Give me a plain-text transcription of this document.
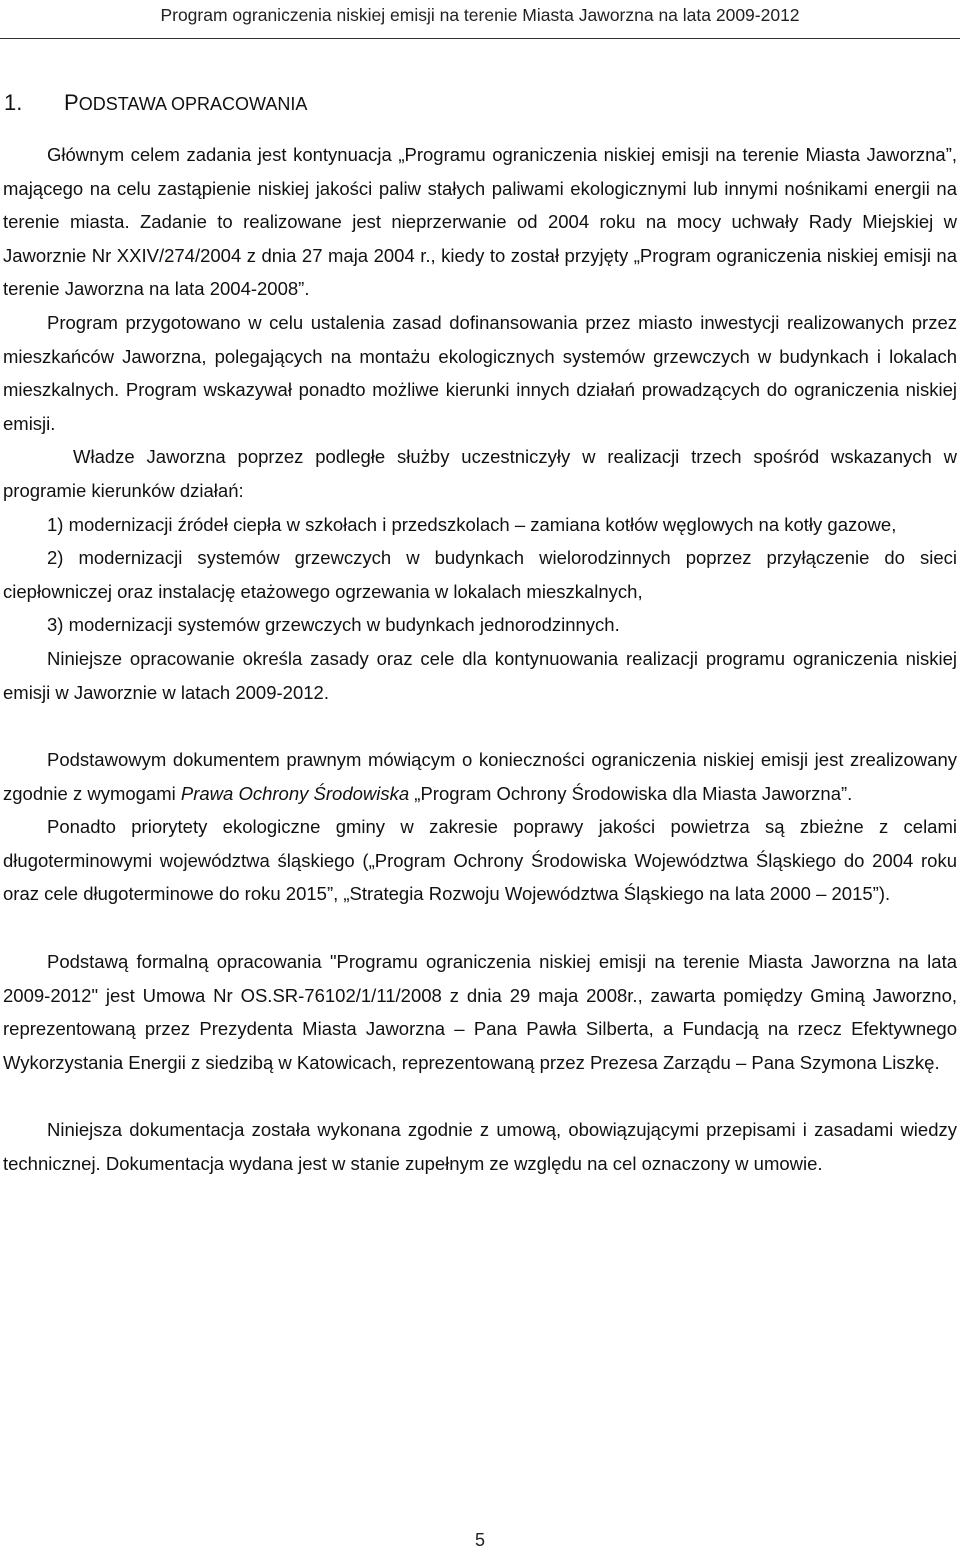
Program ograniczenia niskiej emisji na terenie Miasta Jaworzna na lata 2009-2012
1. PODSTAWA OPRACOWANIA

Głównym celem zadania jest kontynuacja „Programu ograniczenia niskiej emisji na terenie Miasta Jaworzna”, mającego na celu zastąpienie niskiej jakości paliw stałych paliwami ekologicznymi lub innymi nośnikami energii na terenie miasta. Zadanie to realizowane jest nieprzerwanie od 2004 roku na mocy uchwały Rady Miejskiej w Jaworznie Nr XXIV/274/2004 z dnia 27 maja 2004 r., kiedy to został przyjęty „Program ograniczenia niskiej emisji na terenie Jaworzna na lata 2004-2008”.

Program przygotowano w celu ustalenia zasad dofinansowania przez miasto inwestycji realizowanych przez mieszkańców Jaworzna, polegających na montażu ekologicznych systemów grzewczych w budynkach i lokalach mieszkalnych. Program wskazywał ponadto możliwe kierunki innych działań prowadzących do ograniczenia niskiej emisji.

Władze Jaworzna poprzez podległe służby uczestniczyły w realizacji trzech spośród wskazanych w programie kierunków działań:

1) modernizacji źródeł ciepła w szkołach i przedszkolach – zamiana kotłów węglowych na kotły gazowe,

2) modernizacji systemów grzewczych w budynkach wielorodzinnych poprzez przyłączenie do sieci ciepłowniczej oraz instalację etażowego ogrzewania w lokalach mieszkalnych,

3) modernizacji systemów grzewczych w budynkach jednorodzinnych.

Niniejsze opracowanie określa zasady oraz cele dla kontynuowania realizacji programu ograniczenia niskiej emisji w Jaworznie w latach 2009-2012.

Podstawowym dokumentem prawnym mówiącym o konieczności ograniczenia niskiej emisji jest zrealizowany zgodnie z wymogami Prawa Ochrony Środowiska „Program Ochrony Środowiska dla Miasta Jaworzna”.

Ponadto priorytety ekologiczne gminy w zakresie poprawy jakości powietrza są zbieżne z celami długoterminowymi województwa śląskiego („Program Ochrony Środowiska Województwa Śląskiego do 2004 roku oraz cele długoterminowe do roku 2015”, „Strategia Rozwoju Województwa Śląskiego na lata 2000 – 2015”).

Podstawą formalną opracowania "Programu ograniczenia niskiej emisji na terenie Miasta Jaworzna na lata 2009-2012" jest Umowa Nr OS.SR-76102/1/11/2008 z dnia 29 maja 2008r., zawarta pomiędzy Gminą Jaworzno, reprezentowaną przez Prezydenta Miasta Jaworzna – Pana Pawła Silberta, a Fundacją na rzecz Efektywnego Wykorzystania Energii z siedzibą w Katowicach, reprezentowaną przez Prezesa Zarządu – Pana Szymona Liszkę.

Niniejsza dokumentacja została wykonana zgodnie z umową, obowiązującymi przepisami i zasadami wiedzy technicznej. Dokumentacja wydana jest w stanie zupełnym ze względu na cel oznaczony w umowie.

5
